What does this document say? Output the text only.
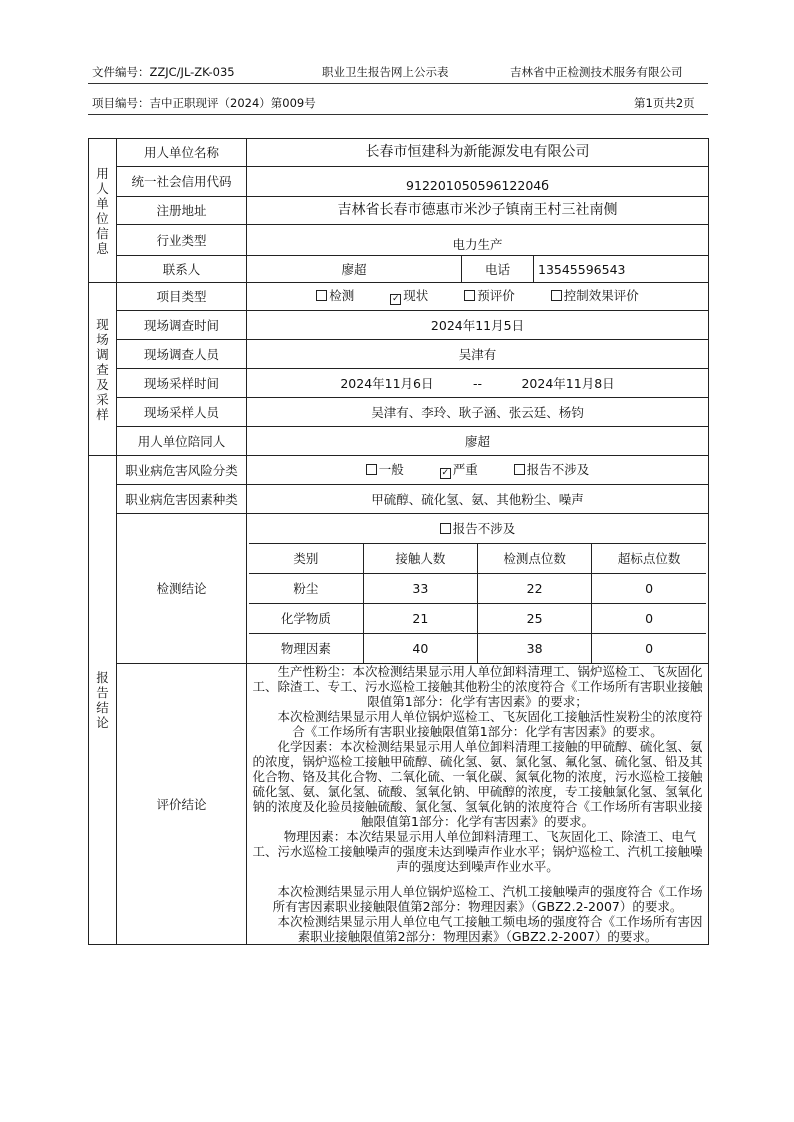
文件编号：ZZJC/JL-ZK-035	职业卫生报告网上公示表	吉林省中正检测技术服务有限公司
项目编号：吉中正职现评（2024）第009号	第1页共2页
用
人
单
位
信
息
	用人单位名称	长春市恒建科为新能源发电有限公司
统一社会信用代码	91220105059612204б
注册地址	吉林省长春市德惠市米沙子镇南王村三社南侧
行业类型	电力生产
联系人	廖超	电话	13545596543

现
场
调
查
及
采
样
	项目类型	检测	✓ 现状	预评价	控制效果评价
现场调查时间	2024年11月5日
现场调查人员	吴津有
现场采样时间	2024年11月6日	--	2024年11月8日
现场采样人员	吴津有、李玲、耿子涵、张云廷、杨钧
用人单位陪同人	廖超

报
告
结
论
	职业病危害风险分类	一般	✓ 严重	报告不涉及
职业病危害因素种类	甲硫醇、硫化氢、氨、其他粉尘、噪声
检测结论	
报告不涉及
类别	接触人数	检测点位数	超标点位数
粉尘	33	22	0
化学物质	21	25	0
物理因素	40	38	0

评价结论	

生产性粉尘：本次检测结果显示用人单位卸料清理工、锅炉巡检工、飞灰固化工、除渣工、专工、污水巡检工接触其他粉尘的浓度符合《工作场所有害职业接触限值第1部分：化学有害因素》的要求；

本次检测结果显示用人单位锅炉巡检工、飞灰固化工接触活性炭粉尘的浓度符合《工作场所有害职业接触限值第1部分：化学有害因素》的要求。

化学因素：本次检测结果显示用人单位卸料清理工接触的甲硫醇、硫化氢、氨的浓度，锅炉巡检工接触甲硫醇、硫化氢、氨、氯化氢、氟化氢、硫化氢、铅及其化合物、铬及其化合物、二氧化硫、一氧化碳、氮氧化物的浓度，污水巡检工接触硫化氢、氨、氯化氢、硫酸、氢氧化钠、甲硫醇的浓度，专工接触氯化氢、氢氧化钠的浓度及化验员接触硫酸、氯化氢、氢氧化钠的浓度符合《工作场所有害职业接触限值第1部分：化学有害因素》的要求。

物理因素：本次结果显示用人单位卸料清理工、飞灰固化工、除渣工、电气工、污水巡检工接触噪声的强度未达到噪声作业水平；锅炉巡检工、汽机工接触噪声的强度达到噪声作业水平。

本次检测结果显示用人单位锅炉巡检工、汽机工接触噪声的强度符合《工作场所有害因素职业接触限值第2部分：物理因素》（GBZ2.2-2007）的要求。

本次检测结果显示用人单位电气工接触工频电场的强度符合《工作场所有害因素职业接触限值第2部分：物理因素》（GBZ2.2-2007）的要求。
